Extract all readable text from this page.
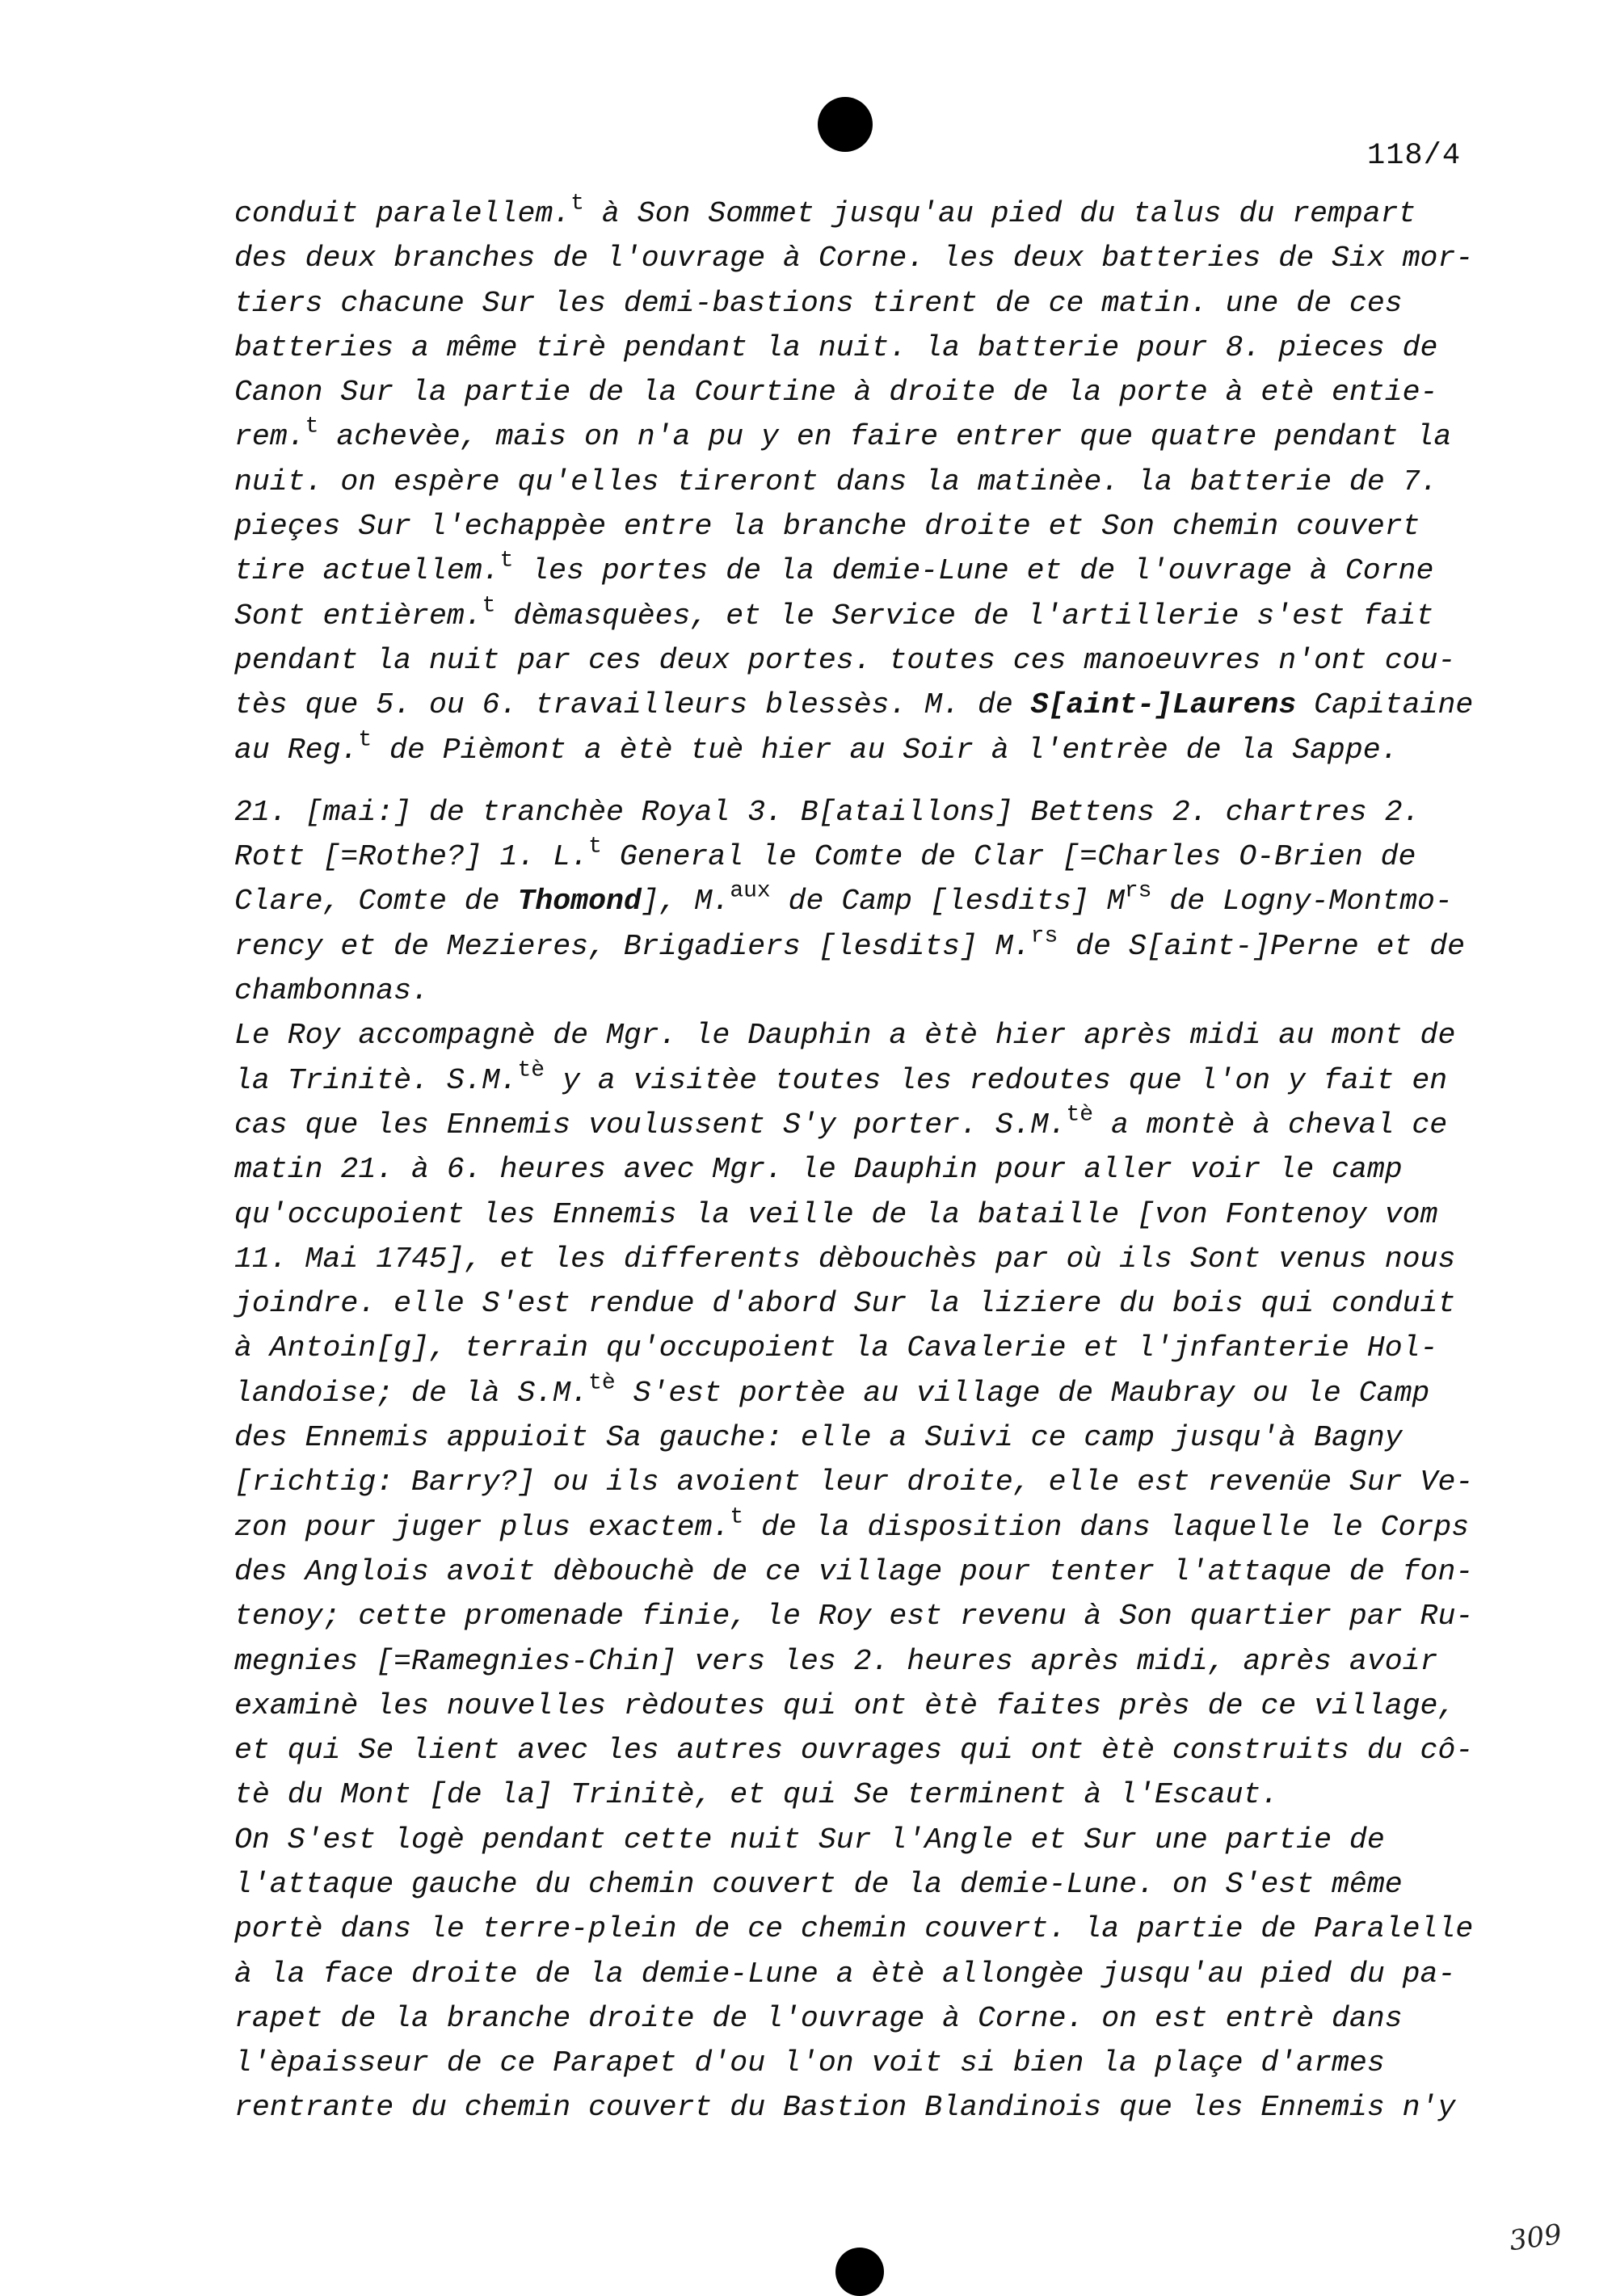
118/4
conduit paralellem.$^t$ à Son Sommet jusqu'au pied du talus du rempart
des deux branches de l'ouvrage à Corne. les deux batteries de Six mor-
tiers chacune Sur les demi-bastions tirent de ce matin. une de ces
batteries a même tirè pendant la nuit. la batterie pour 8. pieces de
Canon Sur la partie de la Courtine à droite de la porte à etè entie-
rem.$^t$ achevèe, mais on n'a pu y en faire entrer que quatre pendant la
nuit. on espère qu'elles tireront dans la matinèe. la batterie de 7.
pieçes Sur l'echappèe entre la branche droite et Son chemin couvert
tire actuellem.$^t$ les portes de la demie-Lune et de l'ouvrage à Corne
Sont entièrem.$^t$ dèmasquèes, et le Service de l'artillerie s'est fait
pendant la nuit par ces deux portes. toutes ces manoeuvres n'ont cou-
tès que 5. ou 6. travailleurs blessès. M. de S[aint-]Laurens Capitaine
au Reg.$^t$ de Pièmont a ètè tuè hier au Soir à l'entrèe de la Sappe.
21. [mai:] de tranchèe Royal 3. B[ataillons] Bettens 2. chartres 2.
Rott [=Rothe?] 1. L.$^t$ General le Comte de Clar [=Charles O-Brien de
Clare, Comte de Thomond], M.$^{aux}$ de Camp [lesdits] $M^{rs}$ de Logny-Montmo-
rency et de Mezieres, Brigadiers [lesdits] M.$^{rs}$ de S[aint-]Perne et de
chambonnas.
Le Roy accompagnè de Mgr. le Dauphin a ètè hier après midi au mont de
la Trinitè. S.M.$^{tè}$ y a visitèe toutes les redoutes que l'on y fait en
cas que les Ennemis voulussent S'y porter. S.M.$^{tè}$ a montè à cheval ce
matin 21. à 6. heures avec Mgr. le Dauphin pour aller voir le camp
qu'occupoient les Ennemis la veille de la bataille [von Fontenoy vom
11. Mai 1745], et les differents dèbouchès par où ils Sont venus nous
joindre. elle S'est rendue d'abord Sur la liziere du bois qui conduit
à Antoin[g], terrain qu'occupoient la Cavalerie et l'jnfanterie Hol-
landoise; de là S.M.$^{tè}$ S'est portèe au village de Maubray ou le Camp
des Ennemis appuioit Sa gauche: elle a Suivi ce camp jusqu'à Bagny
[richtig: Barry?] ou ils avoient leur droite, elle est revenüe Sur Ve-
zon pour juger plus exactem.$^t$ de la disposition dans laquelle le Corps
des Anglois avoit dèbouchè de ce village pour tenter l'attaque de fon-
tenoy; cette promenade finie, le Roy est revenu à Son quartier par Ru-
megnies [=Ramegnies-Chin] vers les 2. heures après midi, après avoir
examinè les nouvelles rèdoutes qui ont ètè faites près de ce village,
et qui Se lient avec les autres ouvrages qui ont ètè construits du cô-
tè du Mont [de la] Trinitè, et qui Se terminent à l'Escaut.
On S'est logè pendant cette nuit Sur l'Angle et Sur une partie de
l'attaque gauche du chemin couvert de la demie-Lune. on S'est même
portè dans le terre-plein de ce chemin couvert. la partie de Paralelle
à la face droite de la demie-Lune a ètè allongèe jusqu'au pied du pa-
rapet de la branche droite de l'ouvrage à Corne. on est entrè dans
l'èpaisseur de ce Parapet d'ou l'on voit si bien la plaçe d'armes
rentrante du chemin couvert du Bastion Blandinois que les Ennemis n'y
309
